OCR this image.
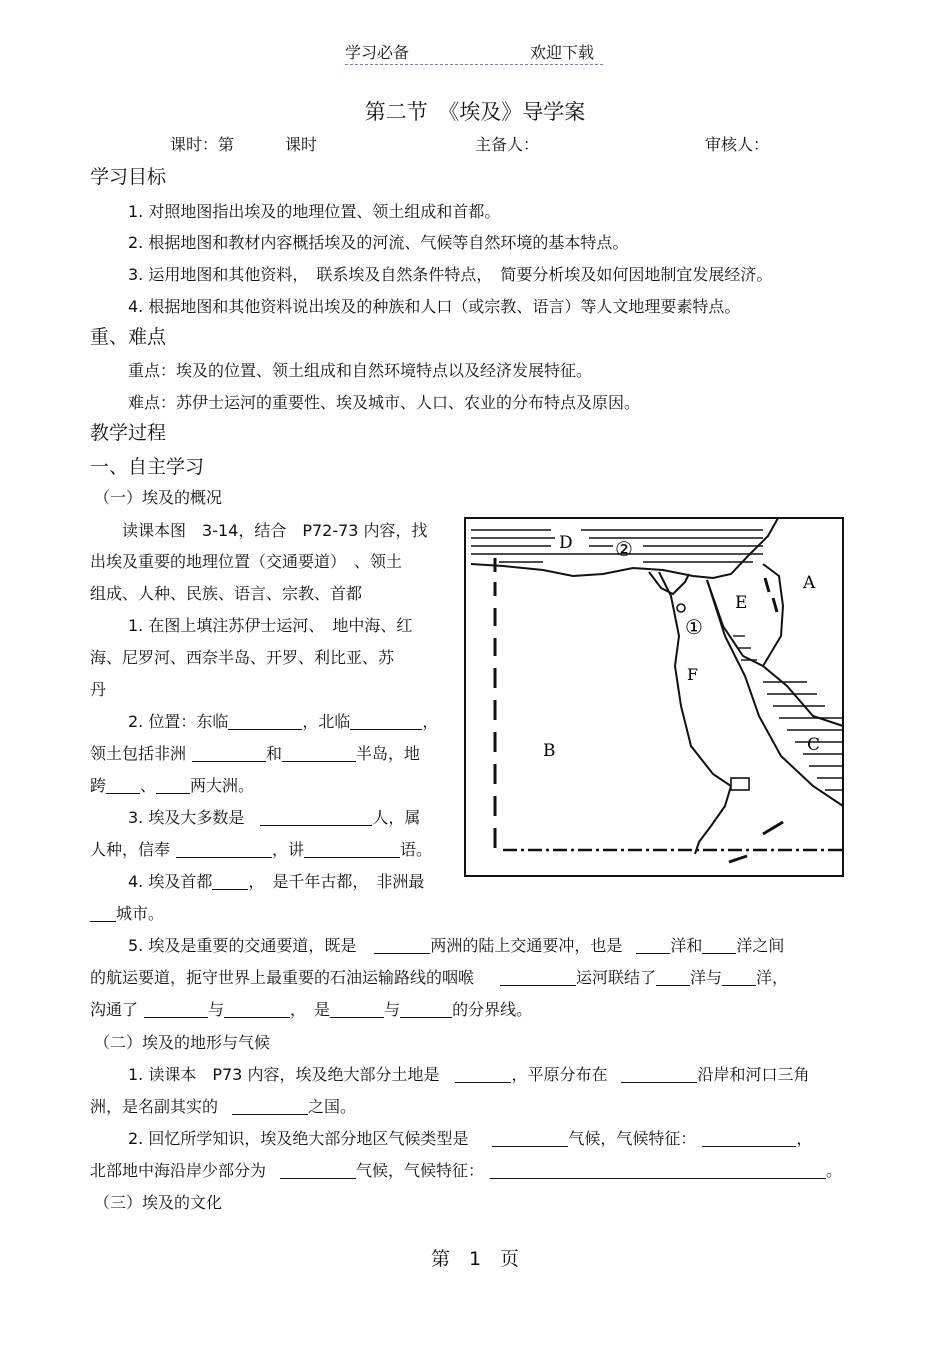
学习必备	欢迎下载
第二节　《埃及》导学案
课时：第	课时	主备人：	审核人：
学习目标
1. 对照地图指出埃及的地理位置、领土组成和首都。
2. 根据地图和教材内容概括埃及的河流、气候等自然环境的基本特点。
3. 运用地图和其他资料，　联系埃及自然条件特点，　简要分析埃及如何因地制宜发展经济。
4. 根据地图和其他资料说出埃及的种族和人口（或宗教、语言）等人文地理要素特点。
重、难点
重点：埃及的位置、领土组成和自然环境特点以及经济发展特征。
难点：苏伊士运河的重要性、埃及城市、人口、农业的分布特点及原因。
教学过程
一、自主学习
（一）埃及的概况
读课本图　3-14，结合　P72-73 内容，找
出埃及重要的地理位置（交通要道）　、领土
组成、人种、民族、语言、宗教、首都
1. 在图上填注苏伊士运河、　地中海、红
海、尼罗河、西奈半岛、开罗、利比亚、苏
丹
2. 位置：东临	，北临	，
领土包括非洲	和	半岛，地
跨 、 两大洲。
3. 埃及大多数是	人，属
人种，信奉	，讲	语。
4. 埃及首都 ，　是千年古都，　非洲最
城市。
5. 埃及是重要的交通要道，既是	两洲的陆上交通要冲，也是	洋和 洋之间
的航运要道，扼守世界上最重要的石油运输路线的咽喉	运河联结了 洋与 洋，
沟通了	与	，　是	与	的分界线。
（二）埃及的地形与气候
1. 读课本　P73 内容，埃及绝大部分土地是	，平原分布在	沿岸和河口三角
洲，是名副其实的	之国。
2. 回忆所学知识，埃及绝大部分地区气候类型是	气候，气候特征：	，
北部地中海沿岸少部分为	气候，气候特征：	。
（三）埃及的文化
D ②
A
E
①
F
B	C
第　1　页
